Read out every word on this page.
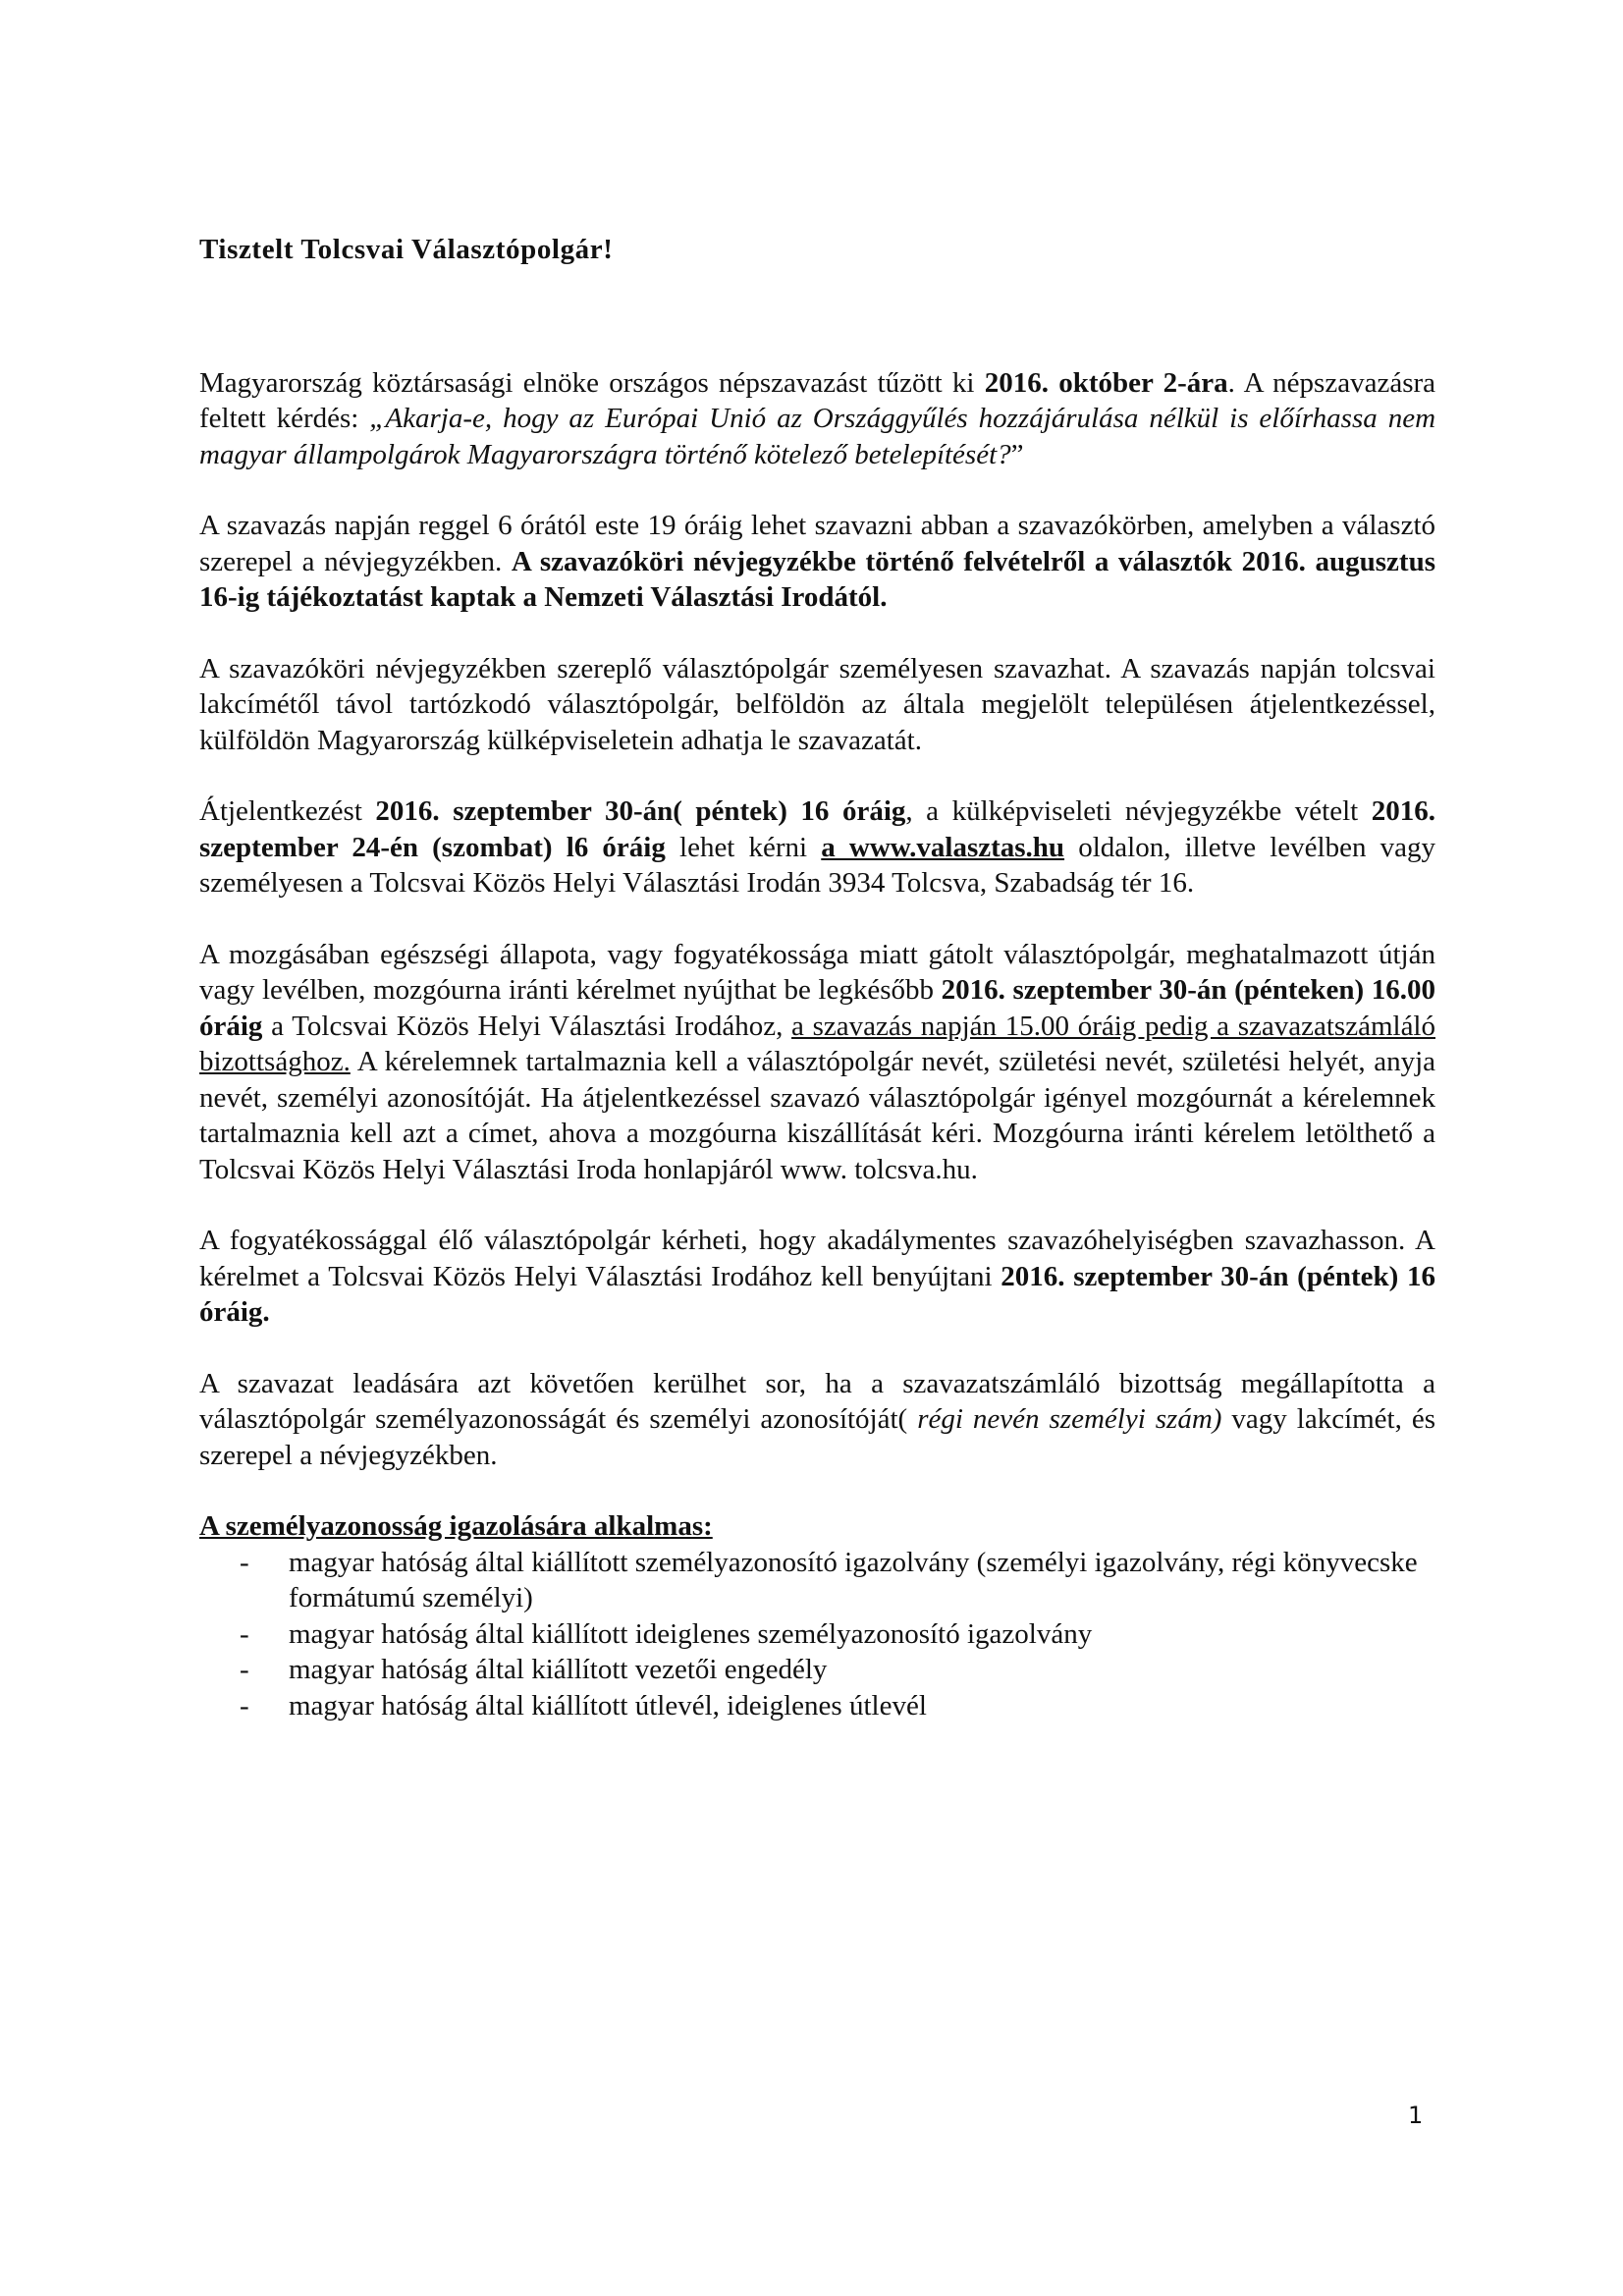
Tisztelt Tolcsvai Választópolgár!

Magyarország köztársasági elnöke országos népszavazást tűzött ki 2016. október 2-ára. A népszavazásra feltett kérdés: „Akarja-e, hogy az Európai Unió az Országgyűlés hozzájárulása nélkül is előírhassa nem magyar állampolgárok Magyarországra történő kötelező betelepítését?”

A szavazás napján reggel 6 órától este 19 óráig lehet szavazni abban a szavazókörben, amelyben a választó szerepel a névjegyzékben. A szavazóköri névjegyzékbe történő felvételről a választók 2016. augusztus 16-ig tájékoztatást kaptak a Nemzeti Választási Irodától.

A szavazóköri névjegyzékben szereplő választópolgár személyesen szavazhat. A szavazás napján tolcsvai lakcímétől távol tartózkodó választópolgár, belföldön az általa megjelölt településen átjelentkezéssel, külföldön Magyarország külképviseletein adhatja le szavazatát.

Átjelentkezést 2016. szeptember 30-án( péntek) 16 óráig, a külképviseleti névjegyzékbe vételt 2016. szeptember 24-én (szombat) l6 óráig lehet kérni a www.valasztas.hu oldalon, illetve levélben vagy személyesen a Tolcsvai Közös Helyi Választási Irodán 3934 Tolcsva, Szabadság tér 16.

A mozgásában egészségi állapota, vagy fogyatékossága miatt gátolt választópolgár, meghatalmazott útján vagy levélben, mozgóurna iránti kérelmet nyújthat be legkésőbb 2016. szeptember 30-án (pénteken) 16.00 óráig a Tolcsvai Közös Helyi Választási Irodához, a szavazás napján 15.00 óráig pedig a szavazatszámláló bizottsághoz. A kérelemnek tartalmaznia kell a választópolgár nevét, születési nevét, születési helyét, anyja nevét, személyi azonosítóját. Ha átjelentkezéssel szavazó választópolgár igényel mozgóurnát a kérelemnek tartalmaznia kell azt a címet, ahova a mozgóurna kiszállítását kéri. Mozgóurna iránti kérelem letölthető a Tolcsvai Közös Helyi Választási Iroda honlapjáról www. tolcsva.hu.

A fogyatékossággal élő választópolgár kérheti, hogy akadálymentes szavazóhelyiségben szavazhasson. A kérelmet a Tolcsvai Közös Helyi Választási Irodához kell benyújtani 2016. szeptember 30-án (péntek) 16 óráig.

A szavazat leadására azt követően kerülhet sor, ha a szavazatszámláló bizottság megállapította a választópolgár személyazonosságát és személyi azonosítóját( régi nevén személyi szám) vagy lakcímét, és szerepel a névjegyzékben.

A személyazonosság igazolására alkalmas:
- magyar hatóság által kiállított személyazonosító igazolvány (személyi igazolvány, régi könyvecske formátumú személyi)
- magyar hatóság által kiállított ideiglenes személyazonosító igazolvány
- magyar hatóság által kiállított vezetői engedély
- magyar hatóság által kiállított útlevél, ideiglenes útlevél
1
